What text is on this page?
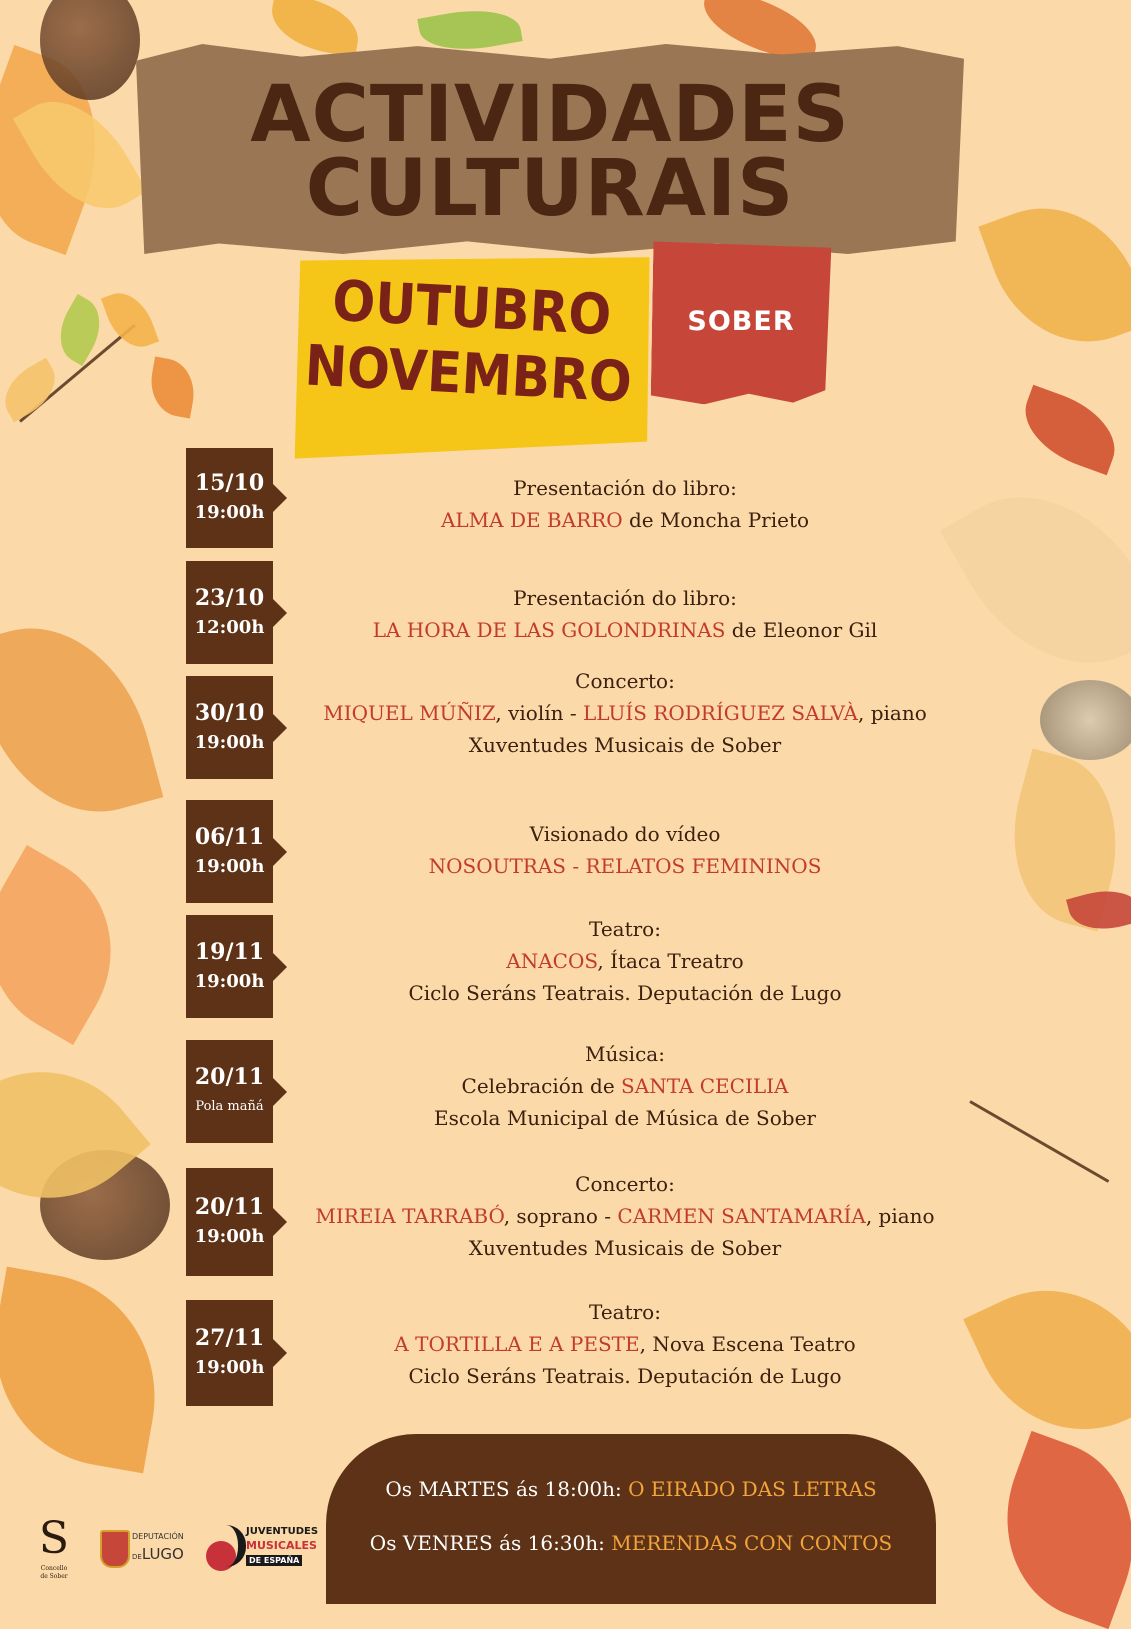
ACTIVIDADES
CULTURAIS
OUTUBRO
NOVEMBRO
SOBER
15/10
19:00h
Presentación do libro:
ALMA DE BARRO de Moncha Prieto
23/10
12:00h
Presentación do libro:
LA HORA DE LAS GOLONDRINAS de Eleonor Gil
30/10
19:00h
Concerto:
MIQUEL MÚÑIZ, violín - LLUÍS RODRÍGUEZ SALVÀ, piano
Xuventudes Musicais de Sober
06/11
19:00h
Visionado do vídeo
NOSOUTRAS - RELATOS FEMININOS
19/11
19:00h
Teatro:
ANACOS, Ítaca Treatro
Ciclo Seráns Teatrais. Deputación de Lugo
20/11
Pola mañá
Música:
Celebración de SANTA CECILIA
Escola Municipal de Música de Sober
20/11
19:00h
Concerto:
MIREIA TARRABÓ, soprano - CARMEN SANTAMARÍA, piano
Xuventudes Musicais de Sober
27/11
19:00h
Teatro:
A TORTILLA E A PESTE, Nova Escena Teatro
Ciclo Seráns Teatrais. Deputación de Lugo
Os MARTES ás 18:00h: O EIRADO DAS LETRAS
Os VENRES ás 16:30h: MERENDAS CON CONTOS
S
Concello
de Sober
DEPUTACIÓN
DELUGO
JUVENTUDES
MUSICALES
DE ESPAÑA
